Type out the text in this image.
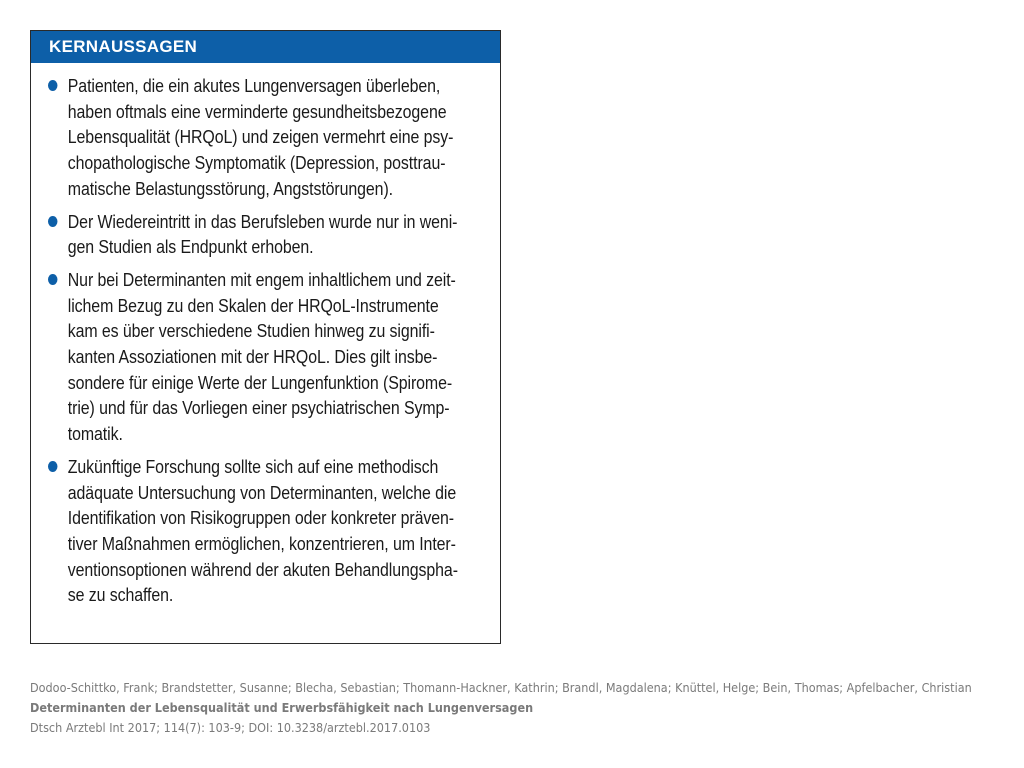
KERNAUSSAGEN
Patienten, die ein akutes Lungenversagen überleben,
haben oftmals eine verminderte gesundheitsbezogene
Lebensqualität (HRQoL) und zeigen vermehrt eine psy-
chopathologische Symptomatik (Depression, posttrau-
matische Belastungsstörung, Angststörungen).
Der Wiedereintritt in das Berufsleben wurde nur in weni-
gen Studien als Endpunkt erhoben.
Nur bei Determinanten mit engem inhaltlichem und zeit-
lichem Bezug zu den Skalen der HRQoL-Instrumente
kam es über verschiedene Studien hinweg zu signifi-
kanten Assoziationen mit der HRQoL. Dies gilt insbe-
sondere für einige Werte der Lungenfunktion (Spirome-
trie) und für das Vorliegen einer psychiatrischen Symp-
tomatik.
Zukünftige Forschung sollte sich auf eine methodisch
adäquate Untersuchung von Determinanten, welche die
Identifikation von Risikogruppen oder konkreter präven-
tiver Maßnahmen ermöglichen, konzentrieren, um Inter-
ventionsoptionen während der akuten Behandlungspha-
se zu schaffen.
Dodoo-Schittko, Frank; Brandstetter, Susanne; Blecha, Sebastian; Thomann-Hackner, Kathrin; Brandl, Magdalena; Knüttel, Helge; Bein, Thomas; Apfelbacher, Christian
Determinanten der Lebensqualität und Erwerbsfähigkeit nach Lungenversagen
Dtsch Arztebl Int 2017; 114(7): 103-9; DOI: 10.3238/arztebl.2017.0103
